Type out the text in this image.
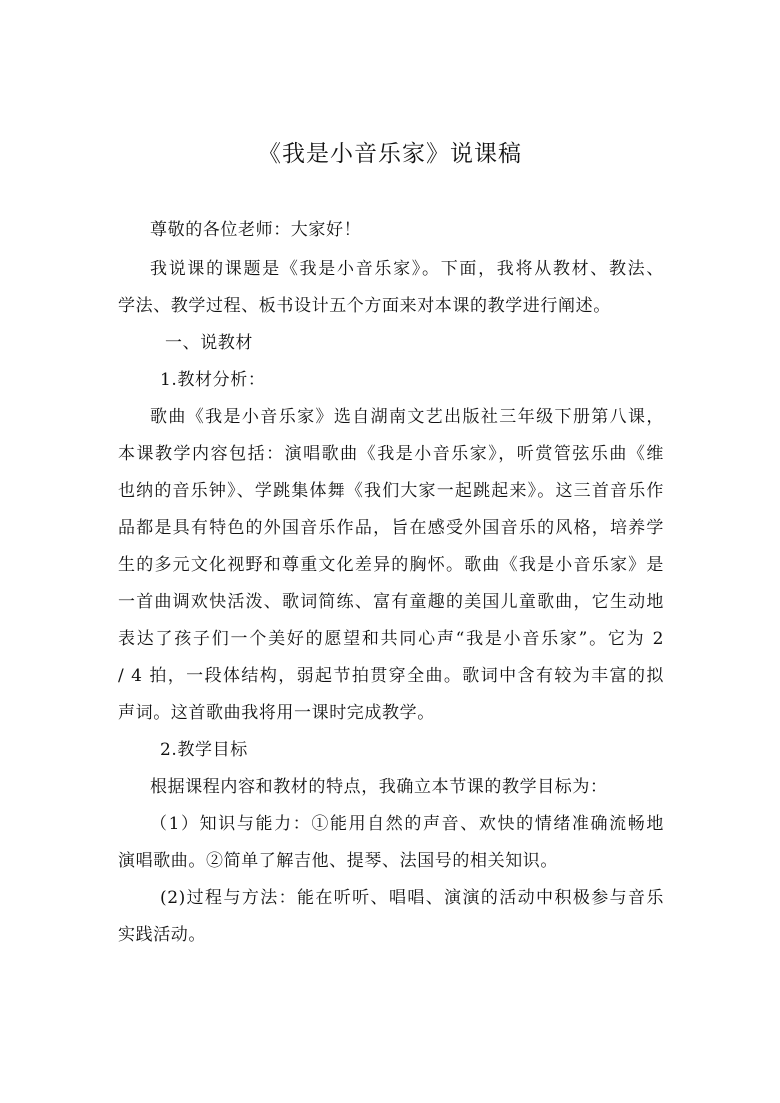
《我是小音乐家》说课稿
尊敬的各位老师：大家好！
我说课的课题是《我是小音乐家》。下面，我将从教材、教法、
学法、教学过程、板书设计五个方面来对本课的教学进行阐述。
一、说教材
1.教材分析：
歌曲《我是小音乐家》选自湖南文艺出版社三年级下册第八课，
本课教学内容包括：演唱歌曲《我是小音乐家》，听赏管弦乐曲《维
也纳的音乐钟》、学跳集体舞《我们大家一起跳起来》。这三首音乐作
品都是具有特色的外国音乐作品，旨在感受外国音乐的风格，培养学
生的多元文化视野和尊重文化差异的胸怀。歌曲《我是小音乐家》是
一首曲调欢快活泼、歌词简练、富有童趣的美国儿童歌曲，它生动地
表达了孩子们一个美好的愿望和共同心声“我是小音乐家”。它为 2
/ 4 拍，一段体结构，弱起节拍贯穿全曲。歌词中含有较为丰富的拟
声词。这首歌曲我将用一课时完成教学。
2.教学目标
根据课程内容和教材的特点，我确立本节课的教学目标为：
（1）知识与能力：①能用自然的声音、欢快的情绪准确流畅地
演唱歌曲。②简单了解吉他、提琴、法国号的相关知识。
(2)过程与方法：能在听听、唱唱、演演的活动中积极参与音乐
实践活动。
